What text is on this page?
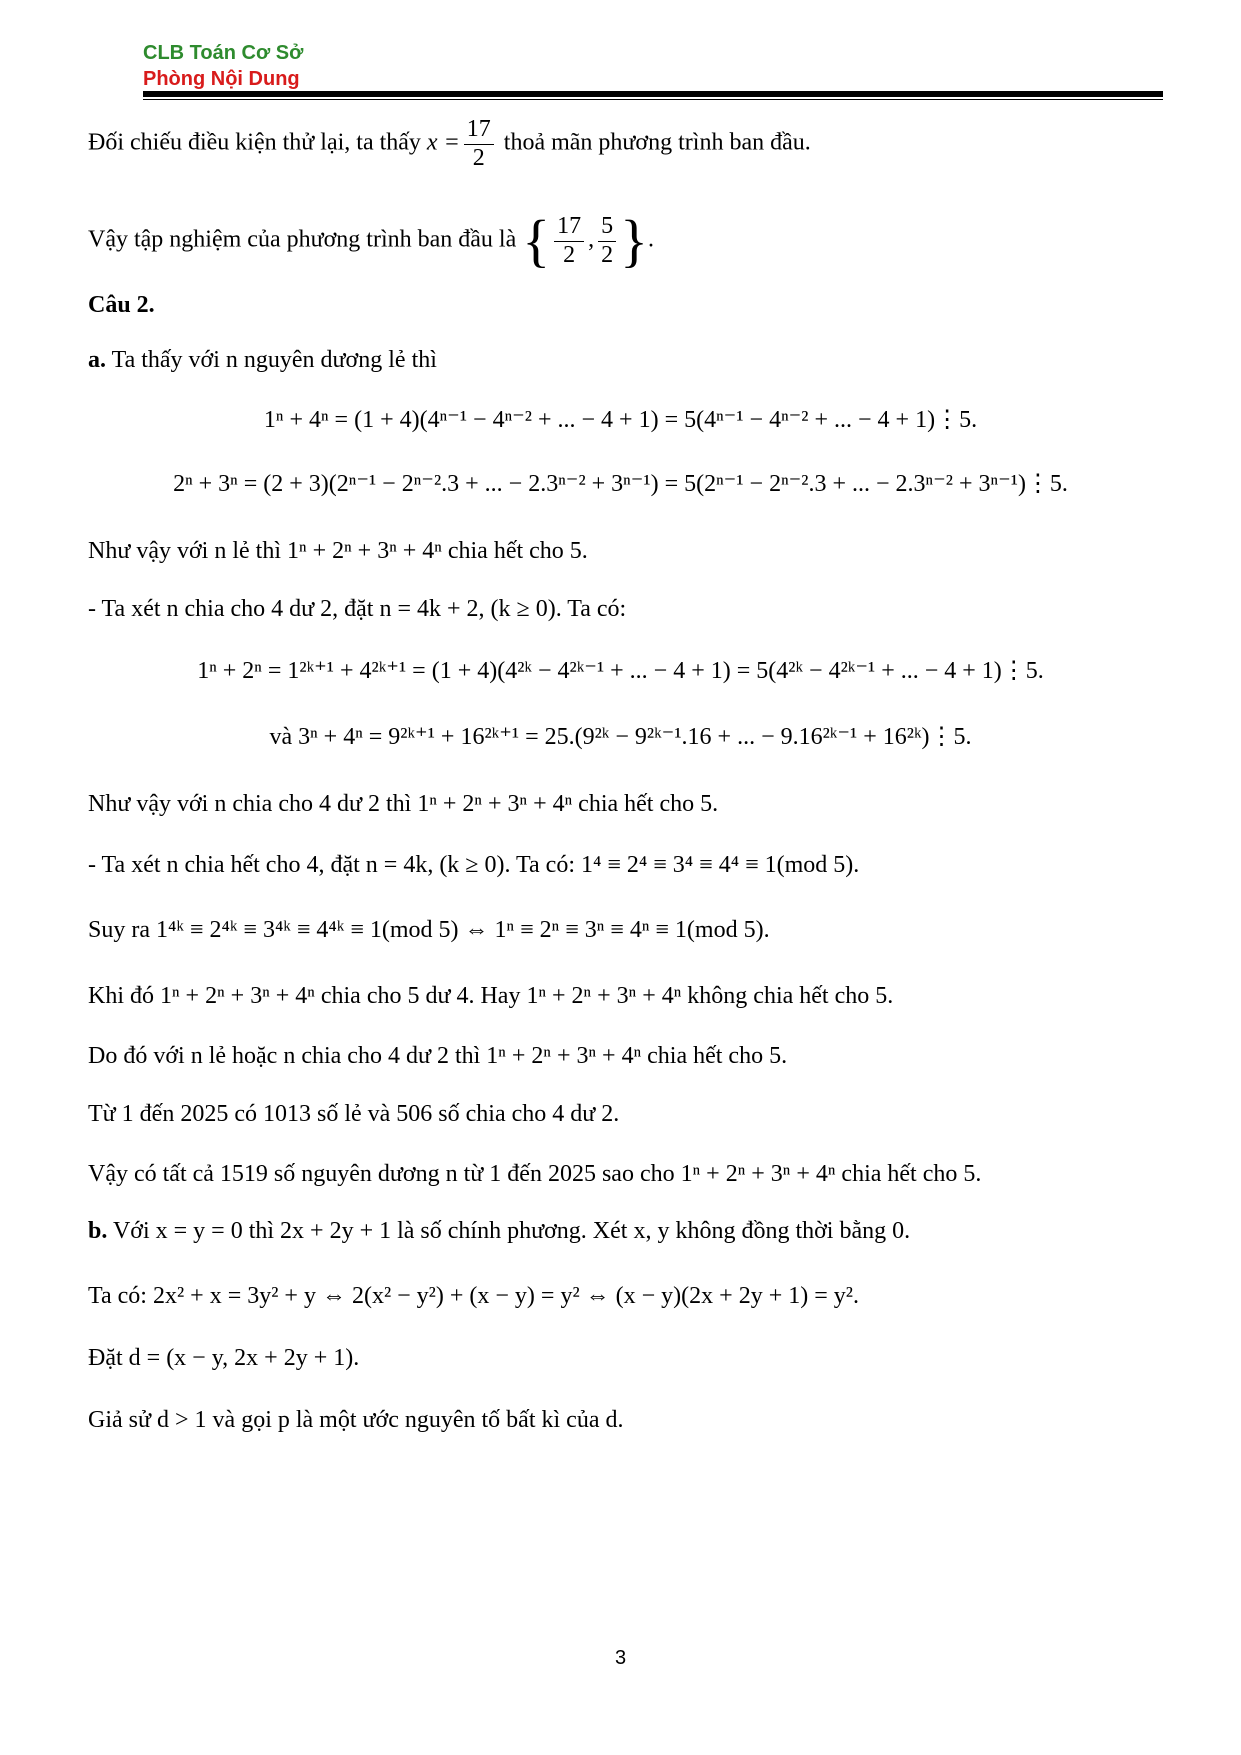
CLB Toán Cơ Sở
Phòng Nội Dung
Đối chiếu điều kiện thử lại, ta thấy $x = \frac{17}{2}$ thoả mãn phương trình ban đầu.
Vậy tập nghiệm của phương trình ban đầu là { $\frac{17}{2}$ , $\frac{5}{2}$ }.
Câu 2.
a. Ta thấy với n nguyên dương lẻ thì
1ⁿ + 4ⁿ = (1 + 4)(4ⁿ⁻¹ − 4ⁿ⁻² + ... − 4 + 1) = 5(4ⁿ⁻¹ − 4ⁿ⁻² + ... − 4 + 1)⋮5.
2ⁿ + 3ⁿ = (2 + 3)(2ⁿ⁻¹ − 2ⁿ⁻².3 + ... − 2.3ⁿ⁻² + 3ⁿ⁻¹) = 5(2ⁿ⁻¹ − 2ⁿ⁻².3 + ... − 2.3ⁿ⁻² + 3ⁿ⁻¹)⋮5.
Như vậy với n lẻ thì 1ⁿ + 2ⁿ + 3ⁿ + 4ⁿ chia hết cho 5.
- Ta xét n chia cho 4 dư 2, đặt n = 4k + 2, (k ≥ 0). Ta có:
1ⁿ + 2ⁿ = 1²ᵏ⁺¹ + 4²ᵏ⁺¹ = (1 + 4)(4²ᵏ − 4²ᵏ⁻¹ + ... − 4 + 1) = 5(4²ᵏ − 4²ᵏ⁻¹ + ... − 4 + 1)⋮5.
và 3ⁿ + 4ⁿ = 9²ᵏ⁺¹ + 16²ᵏ⁺¹ = 25.(9²ᵏ − 9²ᵏ⁻¹.16 + ... − 9.16²ᵏ⁻¹ + 16²ᵏ)⋮5.
Như vậy với n chia cho 4 dư 2 thì 1ⁿ + 2ⁿ + 3ⁿ + 4ⁿ chia hết cho 5.
- Ta xét n chia hết cho 4, đặt n = 4k, (k ≥ 0). Ta có: 1⁴ ≡ 2⁴ ≡ 3⁴ ≡ 4⁴ ≡ 1(mod 5).
Suy ra 1⁴ᵏ ≡ 2⁴ᵏ ≡ 3⁴ᵏ ≡ 4⁴ᵏ ≡ 1(mod 5) ⇔ 1ⁿ ≡ 2ⁿ ≡ 3ⁿ ≡ 4ⁿ ≡ 1(mod 5).
Khi đó 1ⁿ + 2ⁿ + 3ⁿ + 4ⁿ chia cho 5 dư 4. Hay 1ⁿ + 2ⁿ + 3ⁿ + 4ⁿ không chia hết cho 5.
Do đó với n lẻ hoặc n chia cho 4 dư 2 thì 1ⁿ + 2ⁿ + 3ⁿ + 4ⁿ chia hết cho 5.
Từ 1 đến 2025 có 1013 số lẻ và 506 số chia cho 4 dư 2.
Vậy có tất cả 1519 số nguyên dương n từ 1 đến 2025 sao cho 1ⁿ + 2ⁿ + 3ⁿ + 4ⁿ chia hết cho 5.
b. Với x = y = 0 thì 2x + 2y + 1 là số chính phương. Xét x, y không đồng thời bằng 0.
Ta có: 2x² + x = 3y² + y ⇔ 2(x² − y²) + (x − y) = y² ⇔ (x − y)(2x + 2y + 1) = y².
Đặt d = (x − y, 2x + 2y + 1).
Giả sử d > 1 và gọi p là một ước nguyên tố bất kì của d.
3
